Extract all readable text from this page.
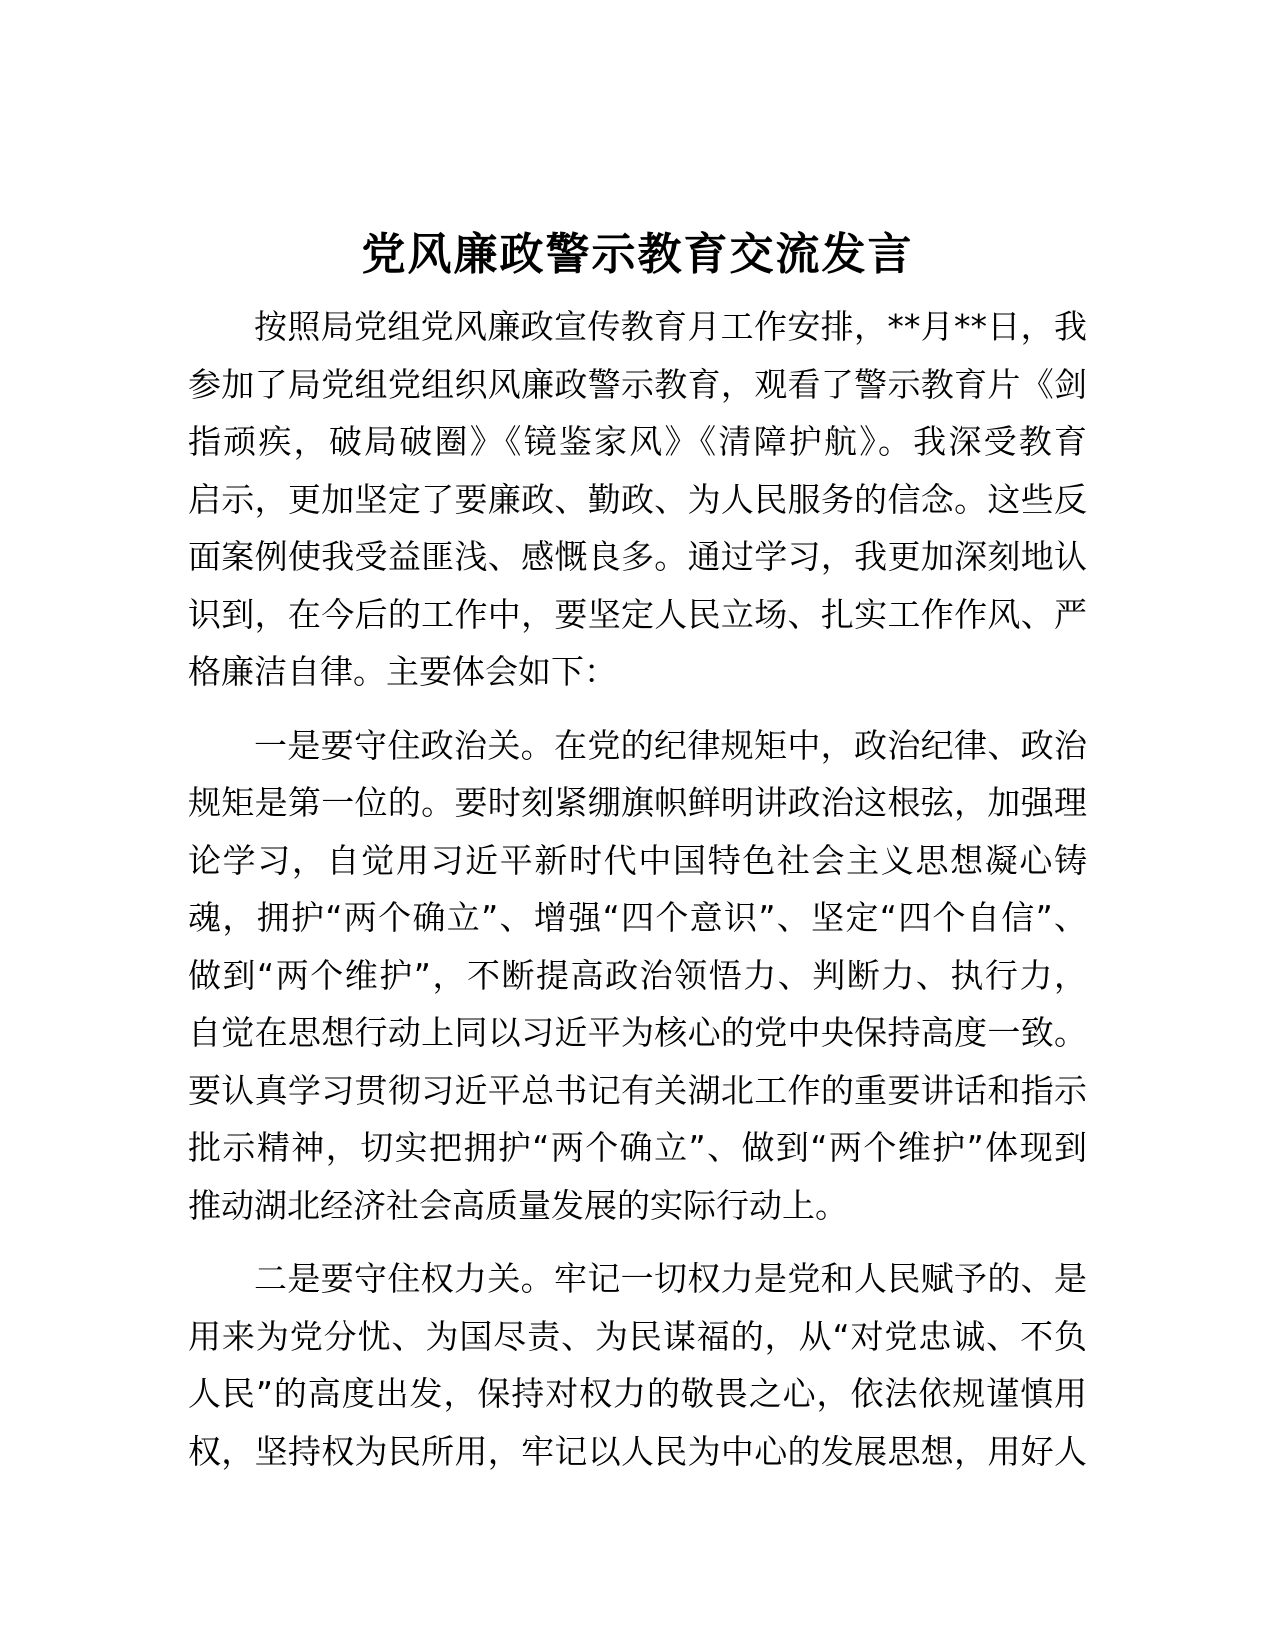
党风廉政警示教育交流发言
按照局党组党风廉政宣传教育月工作安排，**月**日，我
参加了局党组党组织风廉政警示教育，观看了警示教育片《剑
指顽疾，破局破圈》《镜鉴家风》《清障护航》。我深受教育
启示，更加坚定了要廉政、勤政、为人民服务的信念。这些反
面案例使我受益匪浅、感慨良多。通过学习，我更加深刻地认
识到，在今后的工作中，要坚定人民立场、扎实工作作风、严
格廉洁自律。主要体会如下：
一是要守住政治关。在党的纪律规矩中，政治纪律、政治
规矩是第一位的。要时刻紧绷旗帜鲜明讲政治这根弦，加强理
论学习，自觉用习近平新时代中国特色社会主义思想凝心铸
魂，拥护“两个确立”、增强“四个意识”、坚定“四个自信”、
做到“两个维护”，不断提高政治领悟力、判断力、执行力，
自觉在思想行动上同以习近平为核心的党中央保持高度一致。
要认真学习贯彻习近平总书记有关湖北工作的重要讲话和指示
批示精神，切实把拥护“两个确立”、做到“两个维护”体现到
推动湖北经济社会高质量发展的实际行动上。
二是要守住权力关。牢记一切权力是党和人民赋予的、是
用来为党分忧、为国尽责、为民谋福的，从“对党忠诚、不负
人民”的高度出发，保持对权力的敬畏之心，依法依规谨慎用
权，坚持权为民所用，牢记以人民为中心的发展思想，用好人
